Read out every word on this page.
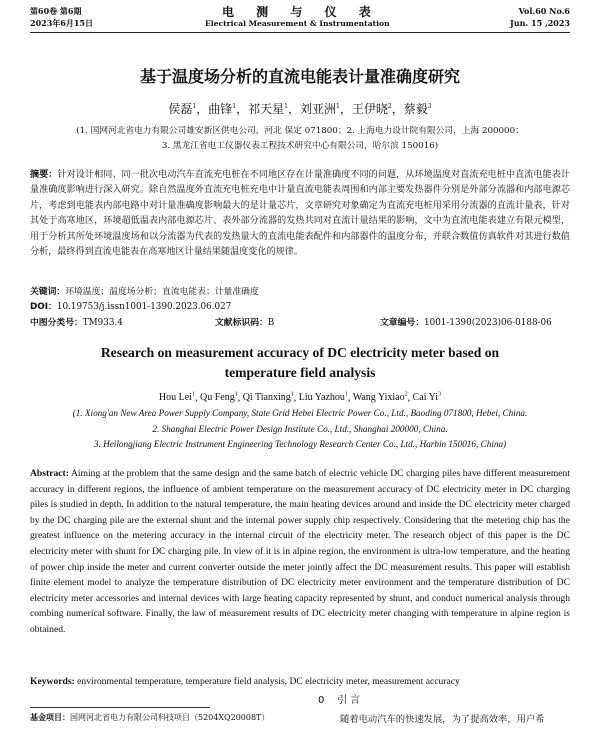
第60卷 第6期
2023年6月15日
电 测 与 仪 表
Electrical Measurement & Instrumentation
Vol.60 No.6
Jun. 15 ,2023
基于温度场分析的直流电能表计量准确度研究
侯磊$^1$，曲锋$^1$，祁天星$^1$，刘亚洲$^1$，王伊晓$^2$，蔡毅$^3$
(1. 国网河北省电力有限公司雄安新区供电公司，河北 保定 071800；2. 上海电力设计院有限公司，上海 200000；
3. 黑龙江省电工仪器仪表工程技术研究中心有限公司，哈尔滨 150016)
摘要：针对设计相同、同一批次电动汽车直流充电桩在不同地区存在计量准确度不同的问题，从环境温度对直流充电桩中直流电能表计量准确度影响进行深入研究。除自然温度外直流充电桩充电中计量直流电能表周围和内部主要发热器件分别是外部分流器和内部电源芯片，考虑到电能表内部电路中对计量准确度影响最大的是计量芯片，文章研究对象确定为直流充电桩用采用分流器的直流计量表，针对其处于高寒地区，环境超低温表内部电源芯片、表外部分流器的发热共同对直流计量结果的影响，文中为直流电能表建立有限元模型，用于分析其所处环境温度场和以分流器为代表的发热量大的直流电能表配件和内部器件的温度分布，并联合数值仿真软件对其进行数值分析，最终得到直流电能表在高寒地区计量结果随温度变化的规律。
关键词：环境温度；温度场分析；直流电能表；计量准确度
DOI：10.19753/j.issn1001-1390.2023.06.027
中图分类号：TM933.4	文献标识码：B	文章编号：1001-1390(2023)06-0188-06
Research on measurement accuracy of DC electricity meter based on
temperature field analysis
Hou Lei$^1$, Qu Feng$^1$, Qi Tianxing$^1$, Liu Yazhou$^1$, Wang Yixiao$^2$, Cai Yi$^3$
(1. Xiong'an New Area Power Supply Company, State Grid Hebei Electric Power Co., Ltd., Baoding 071800, Hebei, China.
2. Shanghai Electric Power Design Institute Co., Ltd., Shanghai 200000, China.
3. Heilongjiang Electric Instrument Engineering Technology Research Center Co., Ltd., Harbin 150016, China)
Abstract: Aiming at the problem that the same design and the same batch of electric vehicle DC charging piles have different measurement accuracy in different regions, the influence of ambient temperature on the measurement accuracy of DC electricity meter in DC charging piles is studied in depth. In addition to the natural temperature, the main heating devices around and inside the DC electricity meter charged by the DC charging pile are the external shunt and the internal power supply chip respectively. Considering that the metering chip has the greatest influence on the metering accuracy in the internal circuit of the electricity meter. The research object of this paper is the DC electricity meter with shunt for DC charging pile. In view of it is in alpine region, the environment is ultra-low temperature, and the heating of power chip inside the meter and current converter outside the meter jointly affect the DC measurement results. This paper will establish finite element model to analyze the temperature distribution of DC electricity meter environment and the temperature distribution of DC electricity meter accessories and internal devices with large heating capacity represented by shunt, and conduct numerical analysis through combing numerical software. Finally, the law of measurement results of DC electricity meter changing with temperature in alpine region is obtained.
Keywords: environmental temperature, temperature field analysis, DC electricity meter, measurement accuracy
0 引 言
随着电动汽车的快速发展，为了提高效率，用户希
基金项目：国网河北省电力有限公司科技项目（5204XQ20008T）
